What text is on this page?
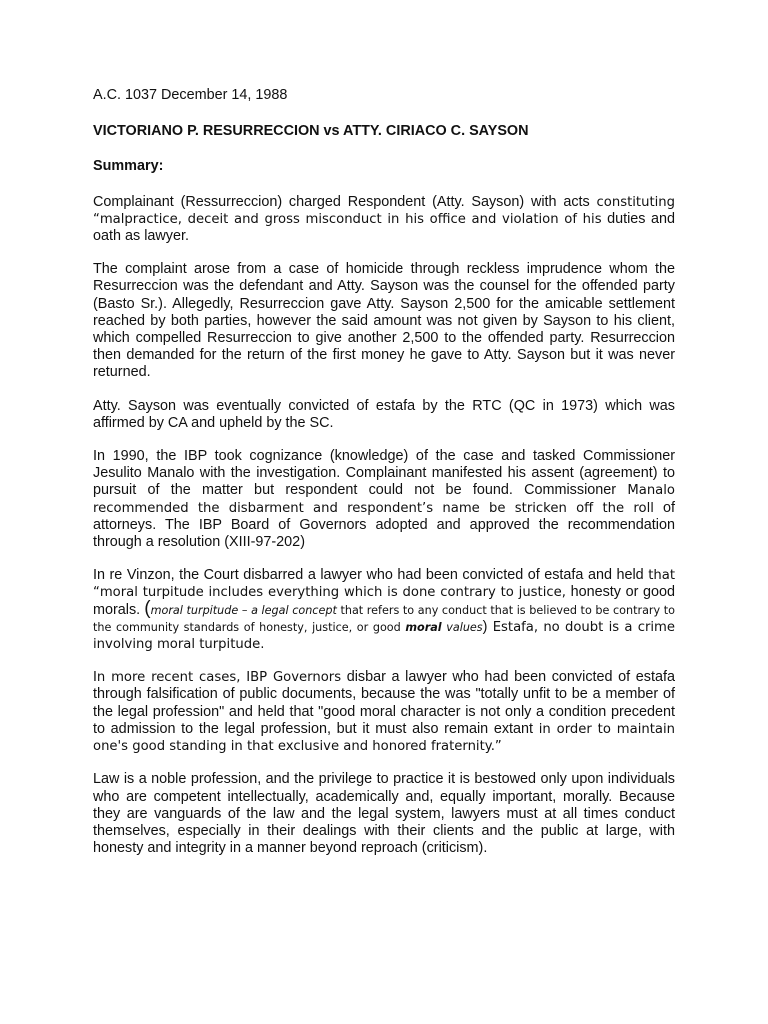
A.C. 1037 December 14, 1988

VICTORIANO P. RESURRECCION vs ATTY. CIRIACO C. SAYSON

Summary:

Complainant (Ressurreccion) charged Respondent (Atty. Sayson) with acts constituting “malpractice, deceit and gross misconduct in his office and violation of his duties and oath as lawyer.

The complaint arose from a case of homicide through reckless imprudence whom the Resurreccion was the defendant and Atty. Sayson was the counsel for the offended party (Basto Sr.). Allegedly, Resurreccion gave Atty. Sayson 2,500 for the amicable settlement reached by both parties, however the said amount was not given by Sayson to his client, which compelled Resurreccion to give another 2,500 to the offended party. Resurreccion then demanded for the return of the first money he gave to Atty. Sayson but it was never returned.

Atty. Sayson was eventually convicted of estafa by the RTC (QC in 1973) which was affirmed by CA and upheld by the SC.

In 1990, the IBP took cognizance (knowledge) of the case and tasked Commissioner Jesulito Manalo with the investigation. Complainant manifested his assent (agreement) to pursuit of the matter but respondent could not be found. Commissioner Manalo recommended the disbarment and respondent’s name be stricken off the roll of attorneys. The IBP Board of Governors adopted and approved the recommendation through a resolution (XIII-97-202)

In re Vinzon, the Court disbarred a lawyer who had been convicted of estafa and held that “moral turpitude includes everything which is done contrary to justice, honesty or good morals. (moral turpitude – a legal concept that refers to any conduct that is believed to be contrary to the community standards of honesty, justice, or good moral values) Estafa, no doubt is a crime involving moral turpitude.

In more recent cases, IBP Governors disbar a lawyer who had been convicted of estafa through falsification of public documents, because the was "totally unfit to be a member of the legal profession" and held that "good moral character is not only a condition precedent to admission to the legal profession, but it must also remain extant in order to maintain one's good standing in that exclusive and honored fraternity.”

Law is a noble profession, and the privilege to practice it is bestowed only upon individuals who are competent intellectually, academically and, equally important, morally. Because they are vanguards of the law and the legal system, lawyers must at all times conduct themselves, especially in their dealings with their clients and the public at large, with honesty and integrity in a manner beyond reproach (criticism).
